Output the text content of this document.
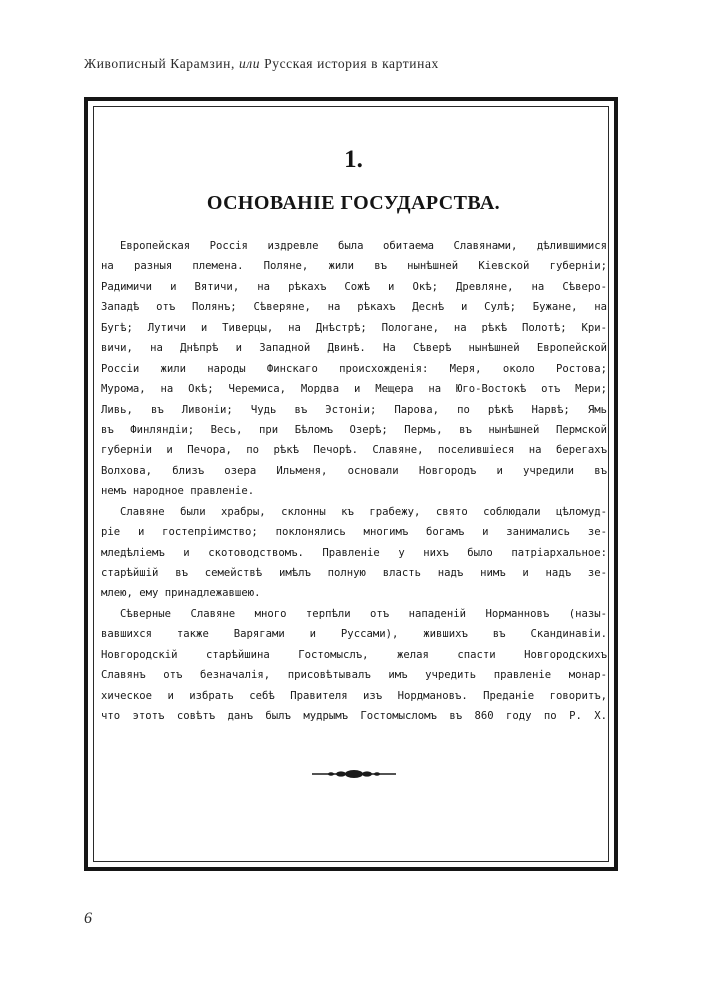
Живописный Карамзин, или Русская история в картинах
1.
ОСНОВАНІЕ ГОСУДАРСТВА.
Европейская Россія издревле была обитаема Славянами, дѣлившимися
на разныя племена. Поляне, жили въ нынѣшней Кіевской губерніи;
Радимичи и Вятичи, на рѣкахъ Сожѣ и Окѣ; Древляне, на Сѣверо-
Западѣ отъ Полянъ; Сѣверяне, на рѣкахъ Деснѣ и Сулѣ; Бужане, на
Бугѣ; Лутичи и Тиверцы, на Днѣстрѣ; Пологане, на рѣкѣ Полотѣ; Кри-
вичи, на Днѣпрѣ и Западной Двинѣ. На Сѣверѣ нынѣшней Европейской
Россіи жили народы Финскаго происхожденія: Меря, около Ростова;
Мурома, на Окѣ; Черемиса, Мордва и Мещера на Юго-Востокѣ отъ Мери;
Ливь, въ Ливоніи; Чудь въ Эстоніи; Парова, по рѣкѣ Нарвѣ; Ямь
въ Финляндіи; Весь, при Бѣломъ Озерѣ; Пермь, въ нынѣшней Пермской
губерніи и Печора, по рѣкѣ Печорѣ. Славяне, поселившіеся на берегахъ
Волхова, близъ озера Ильменя, основали Новгородъ и учредили въ
немъ народное правленіе.
Славяне были храбры, склонны къ грабежу, свято соблюдали цѣломуд-
ріе и гостепріимство; поклонялись многимъ богамъ и занимались зе-
мледѣліемъ и скотоводствомъ. Правленіе у нихъ было патріархальное:
старѣйшій въ семействѣ имѣлъ полную власть надъ нимъ и надъ зе-
млею, ему принадлежавшею.
Сѣверные Славяне много терпѣли отъ нападеній Норманновъ (назы-
вавшихся также Варягами и Руссами), жившихъ въ Скандинавіи.
Новгородскій старѣйшина Гостомыслъ, желая спасти Новгородскихъ
Славянъ отъ безначалія, присовѣтывалъ имъ учредить правленіе монар-
хическое и избрать себѣ Правителя изъ Нордмановъ. Преданіе говоритъ,
что этотъ совѣтъ данъ былъ мудрымъ Гостомысломъ въ 860 году по Р. Х.
6
